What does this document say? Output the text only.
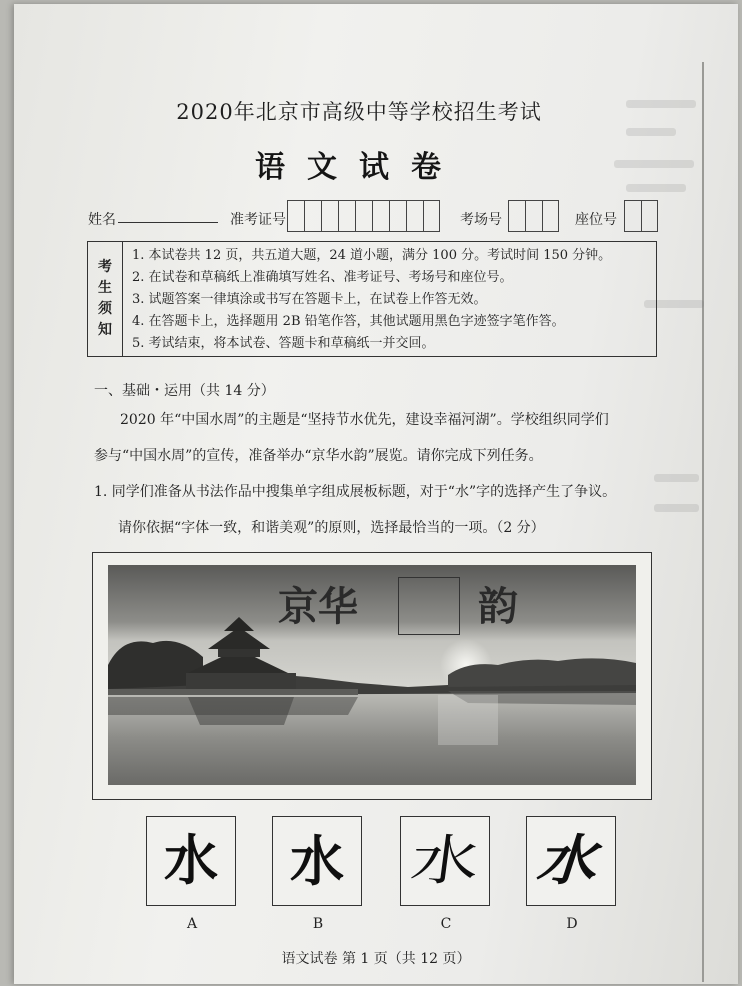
2020年北京市高级中等学校招生考试
语文试卷
姓名	准考证号	考场号	座位号
考
生
须
知
1. 本试卷共 12 页，共五道大题，24 道小题，满分 100 分。考试时间 150 分钟。
2. 在试卷和草稿纸上准确填写姓名、准考证号、考场号和座位号。
3. 试题答案一律填涂或书写在答题卡上，在试卷上作答无效。
4. 在答题卡上，选择题用 2B 铅笔作答，其他试题用黑色字迹签字笔作答。
5. 考试结束，将本试卷、答题卡和草稿纸一并交回。
一、基础・运用（共 14 分）
2020 年“中国水周”的主题是“坚持节水优先，建设幸福河湖”。学校组织同学们
参与“中国水周”的宣传，准备举办“京华水韵”展览。请你完成下列任务。
1. 同学们准备从书法作品中搜集单字组成展板标题，对于“水”字的选择产生了争议。
请你依据“字体一致，和谐美观”的原则，选择最恰当的一项。（2 分）
京华	韵
水
A
水
B
水
C
水
D
语文试卷 第 1 页（共 12 页）
